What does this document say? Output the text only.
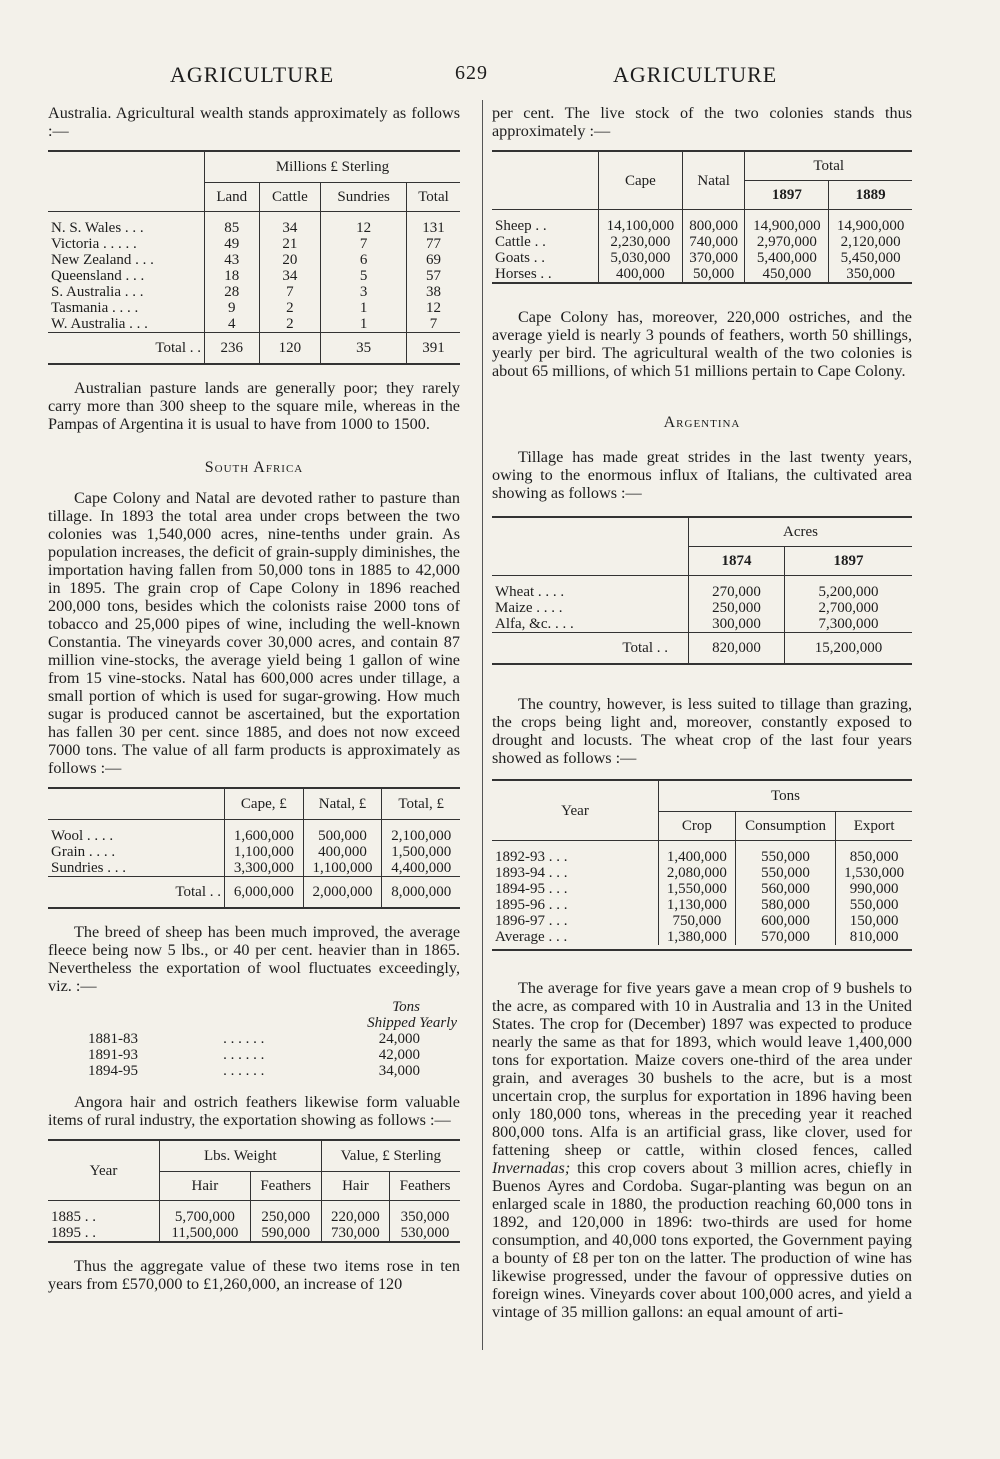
AGRICULTURE	629	AGRICULTURE

Australia. Agricultural wealth stands approximately as follows :—

	Millions £ Sterling			
	Land	Cattle	Sundries	Total
N. S. Wales . . .	85	34	12	131
Victoria . . . . .	49	21	7	77
New Zealand . . .	43	20	6	69
Queensland . . .	18	34	5	57
S. Australia . . .	28	7	3	38
Tasmania . . . .	9	2	1	12
W. Australia . . .	4	2	1	7
Total . .	236	120	35	391

Australian pasture lands are generally poor; they rarely carry more than 300 sheep to the square mile, whereas in the Pampas of Argentina it is usual to have from 1000 to 1500.

South Africa

Cape Colony and Natal are devoted rather to pasture than tillage. In 1893 the total area under crops between the two colonies was 1,540,000 acres, nine-tenths under grain. As population increases, the deficit of grain-supply diminishes, the importation having fallen from 50,000 tons in 1885 to 42,000 in 1895. The grain crop of Cape Colony in 1896 reached 200,000 tons, besides which the colonists raise 2000 tons of tobacco and 25,000 pipes of wine, including the well-known Constantia. The vineyards cover 30,000 acres, and contain 87 million vine-stocks, the average yield being 1 gallon of wine from 15 vine-stocks. Natal has 600,000 acres under tillage, a small portion of which is used for sugar-growing. How much sugar is produced cannot be ascertained, but the exportation has fallen 30 per cent. since 1885, and does not now exceed 7000 tons. The value of all farm products is approximately as follows :—

	Cape, £	Natal, £	Total, £
Wool . . . .	1,600,000	500,000	2,100,000
Grain . . . .	1,100,000	400,000	1,500,000
Sundries . . .	3,300,000	1,100,000	4,400,000
Total . .	6,000,000	2,000,000	8,000,000

The breed of sheep has been much improved, the average fleece being now 5 lbs., or 40 per cent. heavier than in 1865. Nevertheless the exportation of wool fluctuates exceedingly, viz. :—

		Tons
		Shipped Yearly
1881-83	. . . . . .	24,000
1891-93	. . . . . .	42,000
1894-95	. . . . . .	34,000

Angora hair and ostrich feathers likewise form valuable items of rural industry, the exportation showing as follows :—

Year	Lbs. Weight		Value, £ Sterling	
	Hair	Feathers	Hair	Feathers
1885 . .	5,700,000	250,000	220,000	350,000
1895 . .	11,500,000	590,000	730,000	530,000

Thus the aggregate value of these two items rose in ten years from £570,000 to £1,260,000, an increase of 120

per cent. The live stock of the two colonies stands thus approximately :—

	Cape	Natal	Total	
			1897	1889
Sheep . .	14,100,000	800,000	14,900,000	14,900,000
Cattle . .	2,230,000	740,000	2,970,000	2,120,000
Goats . .	5,030,000	370,000	5,400,000	5,450,000
Horses . .	400,000	50,000	450,000	350,000

Cape Colony has, moreover, 220,000 ostriches, and the average yield is nearly 3 pounds of feathers, worth 50 shillings, yearly per bird. The agricultural wealth of the two colonies is about 65 millions, of which 51 millions pertain to Cape Colony.

Argentina

Tillage has made great strides in the last twenty years, owing to the enormous influx of Italians, the cultivated area showing as follows :—

	Acres	
	1874	1897
Wheat . . . .	270,000	5,200,000
Maize . . . .	250,000	2,700,000
Alfa, &c. . . .	300,000	7,300,000
Total . .	820,000	15,200,000

The country, however, is less suited to tillage than grazing, the crops being light and, moreover, constantly exposed to drought and locusts. The wheat crop of the last four years showed as follows :—

Year	Tons		
	Crop	Consumption	Export
1892-93 . . .	1,400,000	550,000	850,000
1893-94 . . .	2,080,000	550,000	1,530,000
1894-95 . . .	1,550,000	560,000	990,000
1895-96 . . .	1,130,000	580,000	550,000
1896-97 . . .	750,000	600,000	150,000
Average . . .	1,380,000	570,000	810,000

The average for five years gave a mean crop of 9 bushels to the acre, as compared with 10 in Australia and 13 in the United States. The crop for (December) 1897 was expected to produce nearly the same as that for 1893, which would leave 1,400,000 tons for exportation. Maize covers one-third of the area under grain, and averages 30 bushels to the acre, but is a most uncertain crop, the surplus for exportation in 1896 having been only 180,000 tons, whereas in the preceding year it reached 800,000 tons. Alfa is an artificial grass, like clover, used for fattening sheep or cattle, within closed fences, called Invernadas; this crop covers about 3 million acres, chiefly in Buenos Ayres and Cordoba. Sugar-planting was begun on an enlarged scale in 1880, the production reaching 60,000 tons in 1892, and 120,000 in 1896: two-thirds are used for home consumption, and 40,000 tons exported, the Government paying a bounty of £8 per ton on the latter. The production of wine has likewise progressed, under the favour of oppressive duties on foreign wines. Vineyards cover about 100,000 acres, and yield a vintage of 35 million gallons: an equal amount of arti-
